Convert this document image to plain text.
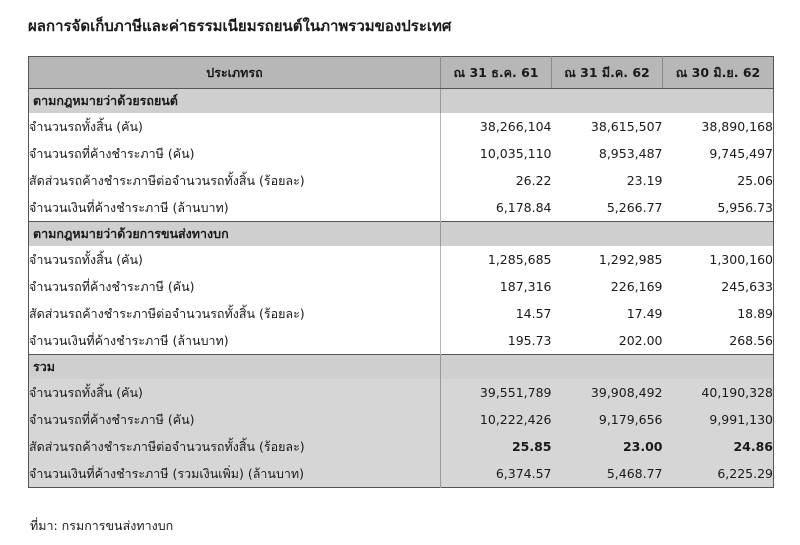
ผลการจัดเก็บภาษีและค่าธรรมเนียมรถยนต์ในภาพรวมของประเทศ
ประเภทรถ	ณ 31 ธ.ค. 61	ณ 31 มี.ค. 62	ณ 30 มิ.ย. 62
ตามกฎหมายว่าด้วยรถยนต์			
จำนวนรถทั้งสิ้น (คัน)	38,266,104	38,615,507	38,890,168
จำนวนรถที่ค้างชำระภาษี (คัน)	10,035,110	8,953,487	9,745,497
สัดส่วนรถค้างชำระภาษีต่อจำนวนรถทั้งสิ้น (ร้อยละ)	26.22	23.19	25.06
จำนวนเงินที่ค้างชำระภาษี (ล้านบาท)	6,178.84	5,266.77	5,956.73
ตามกฎหมายว่าด้วยการขนส่งทางบก			
จำนวนรถทั้งสิ้น (คัน)	1,285,685	1,292,985	1,300,160
จำนวนรถที่ค้างชำระภาษี (คัน)	187,316	226,169	245,633
สัดส่วนรถค้างชำระภาษีต่อจำนวนรถทั้งสิ้น (ร้อยละ)	14.57	17.49	18.89
จำนวนเงินที่ค้างชำระภาษี (ล้านบาท)	195.73	202.00	268.56
รวม			
จำนวนรถทั้งสิ้น (คัน)	39,551,789	39,908,492	40,190,328
จำนวนรถที่ค้างชำระภาษี (คัน)	10,222,426	9,179,656	9,991,130
สัดส่วนรถค้างชำระภาษีต่อจำนวนรถทั้งสิ้น (ร้อยละ)	25.85	23.00	24.86
จำนวนเงินที่ค้างชำระภาษี (รวมเงินเพิ่ม) (ล้านบาท)	6,374.57	5,468.77	6,225.29
ที่มา: กรมการขนส่งทางบก
